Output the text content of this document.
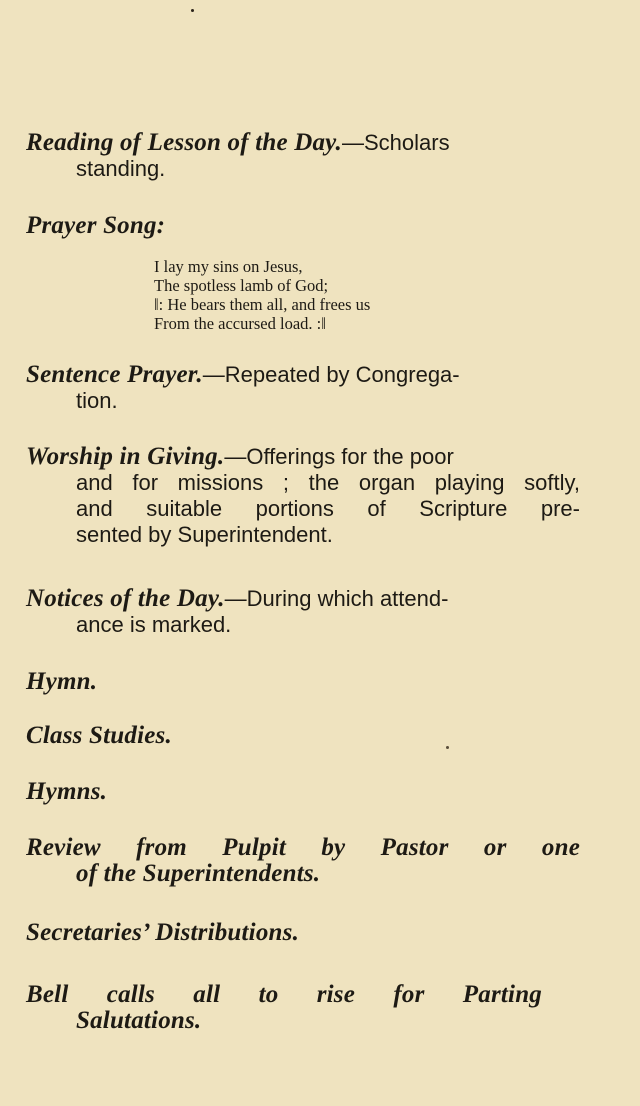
Reading of Lesson of the Day.—Scholars
standing.
Prayer Song:
I lay my sins on Jesus,
The spotless lamb of God;
‖: He bears them all, and frees us
From the accursed load. :‖
Sentence Prayer.—Repeated by Congrega-
tion.
Worship in Giving.—Offerings for the poor
and for missions ; the organ playing softly,
and suitable portions of Scripture pre-
sented by Superintendent.
Notices of the Day.—During which attend-
ance is marked.
Hymn.
Class Studies.
Hymns.
Review from Pulpit by Pastor or one
of the Superintendents.
Secretaries’ Distributions.
Bell calls all to rise for Parting
Salutations.
